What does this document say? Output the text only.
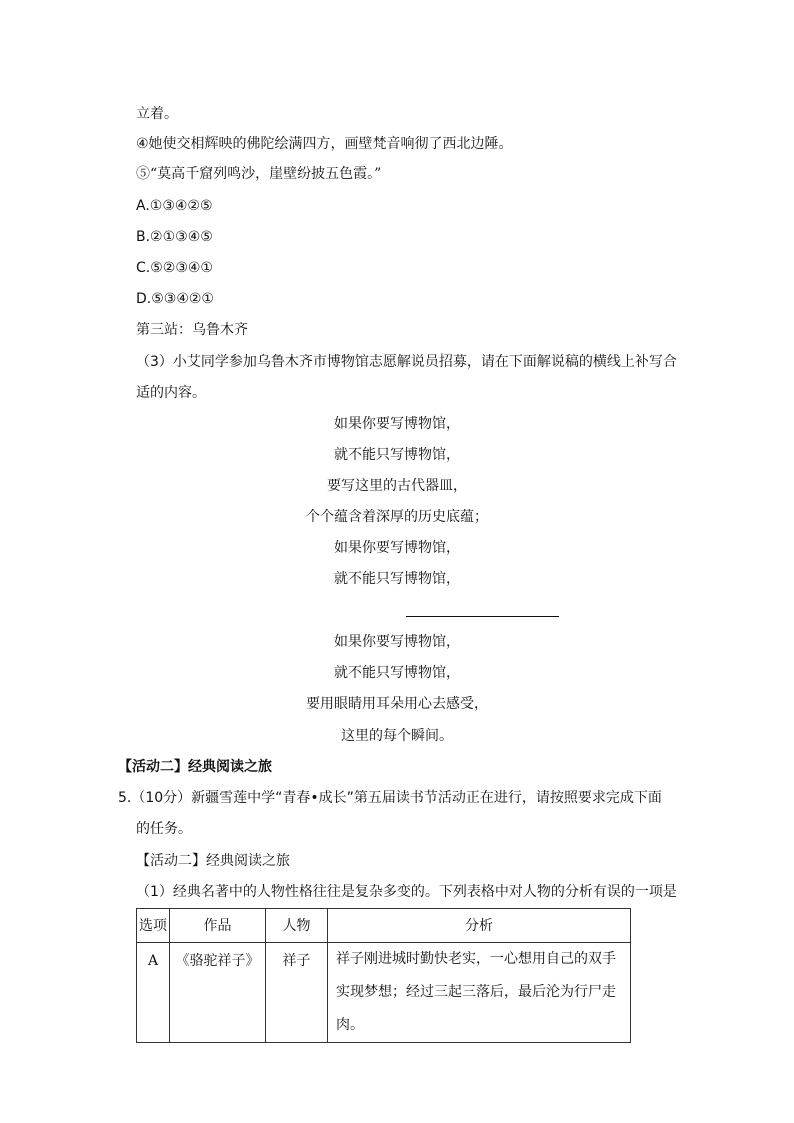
立着。
④她使交相辉映的佛陀绘满四方，画壁梵音响彻了西北边陲。
⑤“莫高千窟列鸣沙，崖壁纷披五色霞。”
A.①③④②⑤
B.②①③④⑤
C.⑤②③④①
D.⑤③④②①
第三站：乌鲁木齐
（3）小艾同学参加乌鲁木齐市博物馆志愿解说员招募，请在下面解说稿的横线上补写合
适的内容。
如果你要写博物馆，
就不能只写博物馆，
要写这里的古代器皿，
个个蕴含着深厚的历史底蕴；
如果你要写博物馆，
就不能只写博物馆，
如果你要写博物馆，
就不能只写博物馆，
要用眼睛用耳朵用心去感受，
这里的每个瞬间。
【活动二】经典阅读之旅
5.（10分）新疆雪莲中学“青春•成长”第五届读书节活动正在进行，请按照要求完成下面
的任务。
【活动二】经典阅读之旅
（1）经典名著中的人物性格往往是复杂多变的。下列表格中对人物的分析有误的一项是
选项	作品	人物	分析
A	《骆驼祥子》	祥子	祥子刚进城时勤快老实，一心想用自己的双手实现梦想；经过三起三落后，最后沦为行尸走肉。
